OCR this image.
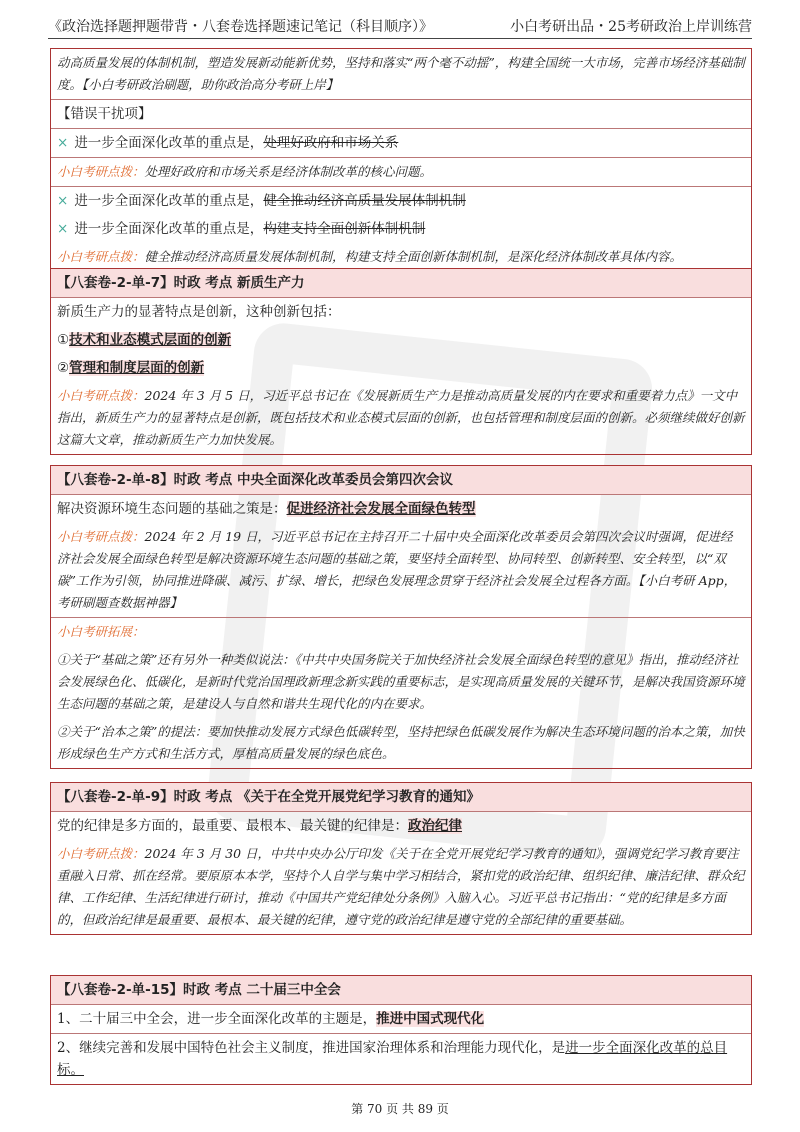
《政治选择题押题带背・八套卷选择题速记笔记（科目顺序）》	小白考研出品・25考研政治上岸训练营
动高质量发展的体制机制，塑造发展新动能新优势，坚持和落实“两个毫不动摇”，构建全国统一大市场，完善市场经济基础制度。【小白考研政治刷题，助你政治高分考研上岸】
【错误干扰项】
× 进一步全面深化改革的重点是，处理好政府和市场关系
小白考研点拨：处理好政府和市场关系是经济体制改革的核心问题。
× 进一步全面深化改革的重点是，健全推动经济高质量发展体制机制
× 进一步全面深化改革的重点是，构建支持全面创新体制机制
小白考研点拨：健全推动经济高质量发展体制机制，构建支持全面创新体制机制，是深化经济体制改革具体内容。
【八套卷-2-单-7】时政 考点 新质生产力
新质生产力的显著特点是创新，这种创新包括：
①技术和业态模式层面的创新
②管理和制度层面的创新
小白考研点拨：2024 年 3 月 5 日，习近平总书记在《发展新质生产力是推动高质量发展的内在要求和重要着力点》一文中指出，新质生产力的显著特点是创新，既包括技术和业态模式层面的创新，也包括管理和制度层面的创新。必须继续做好创新这篇大文章，推动新质生产力加快发展。
【八套卷-2-单-8】时政 考点 中央全面深化改革委员会第四次会议
解决资源环境生态问题的基础之策是：促进经济社会发展全面绿色转型
小白考研点拨：2024 年 2 月 19 日，习近平总书记在主持召开二十届中央全面深化改革委员会第四次会议时强调，促进经济社会发展全面绿色转型是解决资源环境生态问题的基础之策，要坚持全面转型、协同转型、创新转型、安全转型，以“双碳”工作为引领，协同推进降碳、减污、扩绿、增长，把绿色发展理念贯穿于经济社会发展全过程各方面。【小白考研 App，考研刷题查数据神器】
小白考研拓展：
①关于“基础之策”还有另外一种类似说法：《中共中央国务院关于加快经济社会发展全面绿色转型的意见》指出，推动经济社会发展绿色化、低碳化，是新时代党治国理政新理念新实践的重要标志，是实现高质量发展的关键环节，是解决我国资源环境生态问题的基础之策，是建设人与自然和谐共生现代化的内在要求。
②关于“治本之策”的提法：要加快推动发展方式绿色低碳转型，坚持把绿色低碳发展作为解决生态环境问题的治本之策，加快形成绿色生产方式和生活方式，厚植高质量发展的绿色底色。
【八套卷-2-单-9】时政 考点 《关于在全党开展党纪学习教育的通知》
党的纪律是多方面的，最重要、最根本、最关键的纪律是：政治纪律
小白考研点拨：2024 年 3 月 30 日，中共中央办公厅印发《关于在全党开展党纪学习教育的通知》，强调党纪学习教育要注重融入日常、抓在经常。要原原本本学，坚持个人自学与集中学习相结合，紧扣党的政治纪律、组织纪律、廉洁纪律、群众纪律、工作纪律、生活纪律进行研讨，推动《中国共产党纪律处分条例》入脑入心。习近平总书记指出：“党的纪律是多方面的，但政治纪律是最重要、最根本、最关键的纪律，遵守党的政治纪律是遵守党的全部纪律的重要基础。
【八套卷-2-单-15】时政 考点 二十届三中全会
1、二十届三中全会，进一步全面深化改革的主题是，推进中国式现代化
2、继续完善和发展中国特色社会主义制度，推进国家治理体系和治理能力现代化，是进一步全面深化改革的总目标。
第 70 页 共 89 页
